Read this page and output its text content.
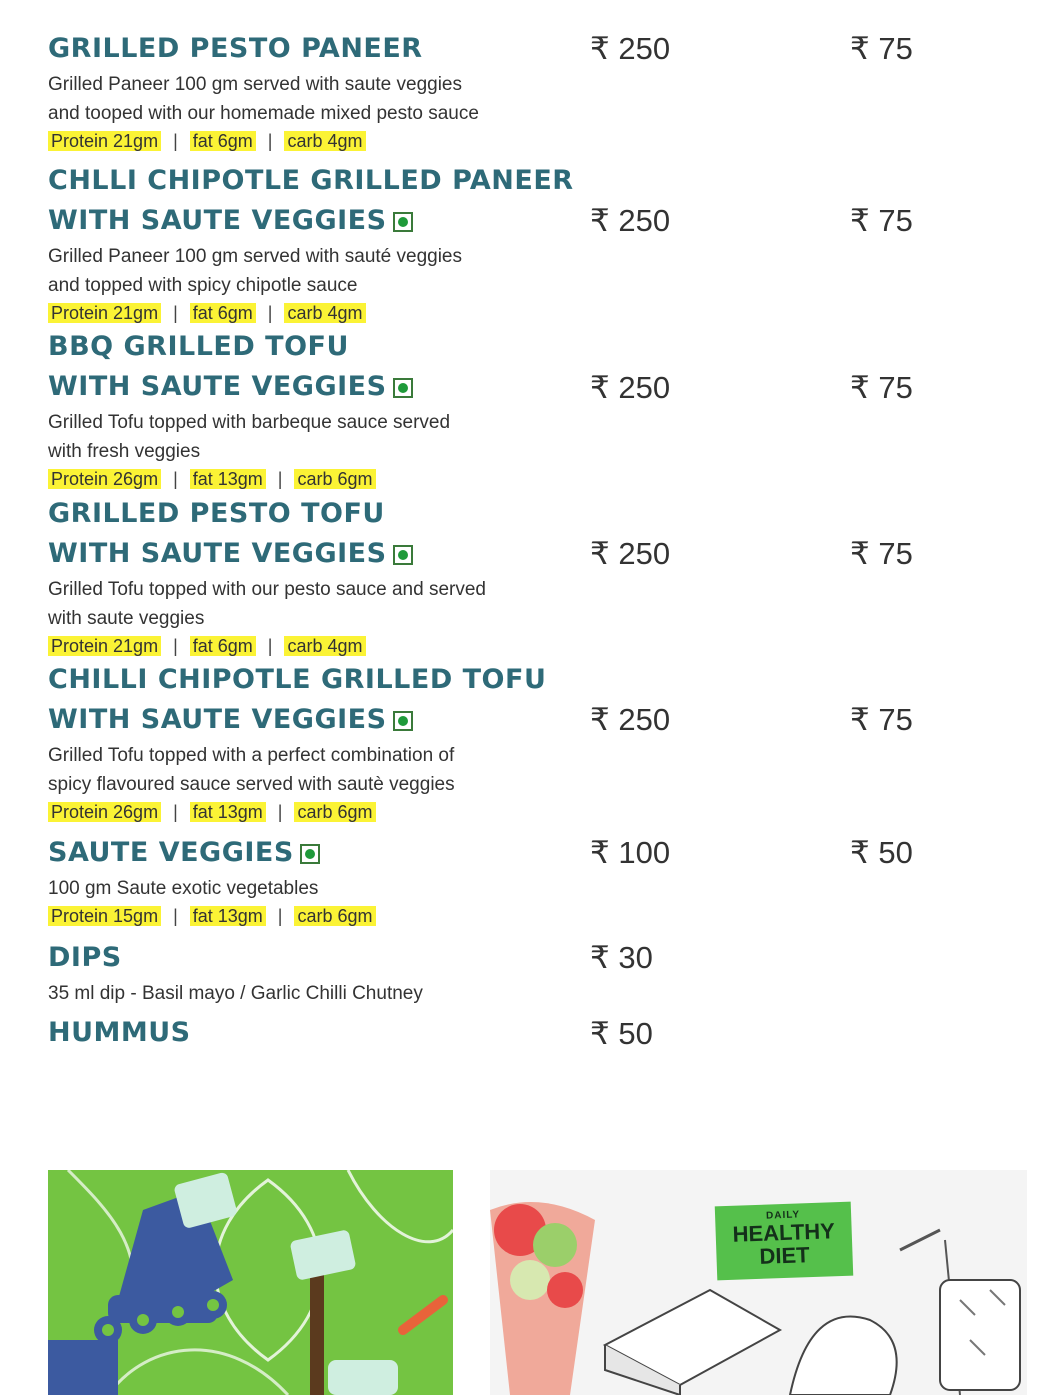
GRILLED PESTO PANEER
Grilled Paneer 100 gm served with saute veggies
and tooped with our homemade mixed pesto sauce
Protein 21gm | fat 6gm | carb 4gm
₹ 250	₹ 75
CHLLI CHIPOTLE GRILLED PANEER
WITH SAUTE VEGGIES
Grilled Paneer 100 gm served with sauté veggies
and topped with spicy chipotle sauce
Protein 21gm | fat 6gm | carb 4gm
₹ 250	₹ 75
BBQ GRILLED TOFU
WITH SAUTE VEGGIES
Grilled Tofu topped with barbeque sauce served
with fresh veggies
Protein 26gm | fat 13gm | carb 6gm
₹ 250	₹ 75
GRILLED PESTO TOFU
WITH SAUTE VEGGIES
Grilled Tofu topped with our pesto sauce and served
with saute veggies
Protein 21gm | fat 6gm | carb 4gm
₹ 250	₹ 75
CHILLI CHIPOTLE GRILLED TOFU
WITH SAUTE VEGGIES
Grilled Tofu topped with a perfect combination of
spicy flavoured sauce served with sautè veggies
Protein 26gm | fat 13gm | carb 6gm
₹ 250	₹ 75
SAUTE VEGGIES
100 gm Saute exotic vegetables
Protein 15gm | fat 13gm | carb 6gm
₹ 100	₹ 50
DIPS
35 ml dip - Basil mayo / Garlic Chilli Chutney
₹ 30
HUMMUS	₹ 50
DAILY
HEALTHY
DIET
